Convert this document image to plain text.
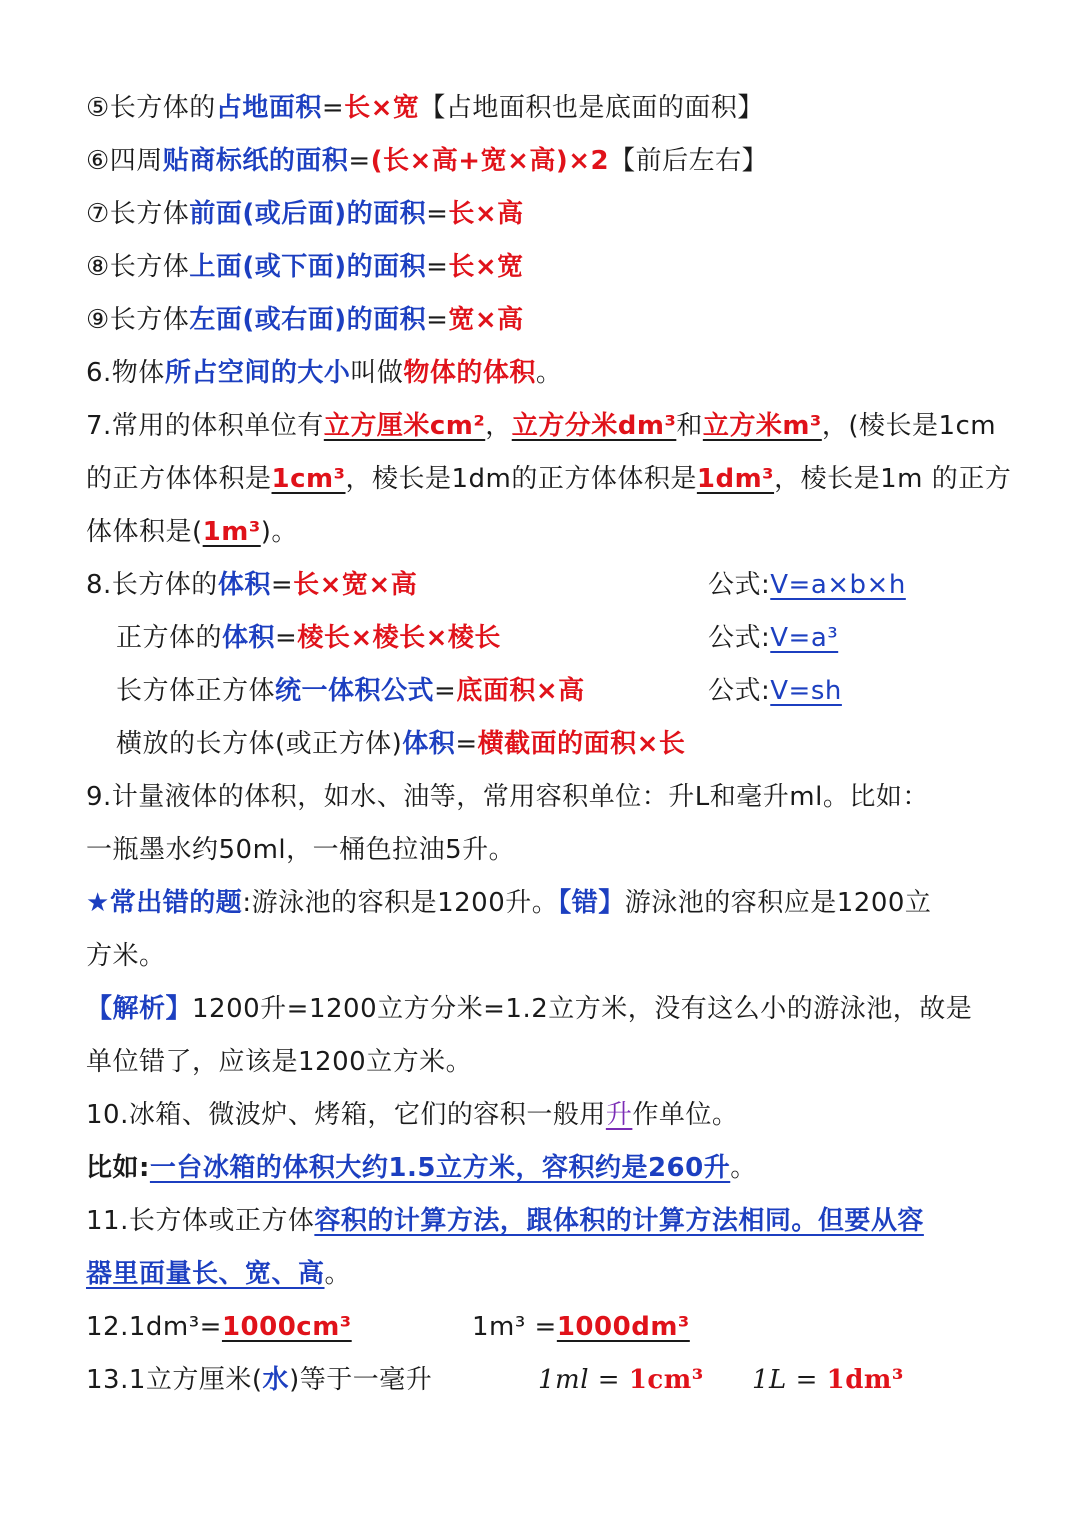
⑤长方体的占地面积=长×宽【占地面积也是底面的面积】
⑥四周贴商标纸的面积=(长×高+宽×高)×2【前后左右】
⑦长方体前面(或后面)的面积=长×高
⑧长方体上面(或下面)的面积=长×宽
⑨长方体左面(或右面)的面积=宽×高
6.物体所占空间的大小叫做物体的体积。
7.常用的体积单位有立方厘米cm²，立方分米dm³和立方米m³，(棱长是1cm
的正方体体积是1cm³，棱长是1dm的正方体体积是1dm³，棱长是1m 的正方
体体积是(1m³)。
8.长方体的体积=长×宽×高	公式:V=a×b×h
正方体的体积=棱长×棱长×棱长	公式:V=a³
长方体正方体统一体积公式=底面积×高	公式:V=sh
横放的长方体(或正方体)体积=横截面的面积×长
9.计量液体的体积，如水、油等，常用容积单位：升L和毫升ml。比如：
一瓶墨水约50ml，一桶色拉油5升。
★常出错的题:游泳池的容积是1200升。【错】游泳池的容积应是1200立
方米。
【解析】1200升=1200立方分米=1.2立方米，没有这么小的游泳池，故是
单位错了，应该是1200立方米。
10.冰箱、微波炉、烤箱，它们的容积一般用升作单位。
比如:一台冰箱的体积大约1.5立方米，容积约是260升。
11.长方体或正方体容积的计算方法，跟体积的计算方法相同。但要从容
器里面量长、宽、高。
12.1dm³=1000cm³	1m³ =1000dm³
13.1立方厘米(水)等于一毫升	1ml = 1cm³ 1L = 1dm³
